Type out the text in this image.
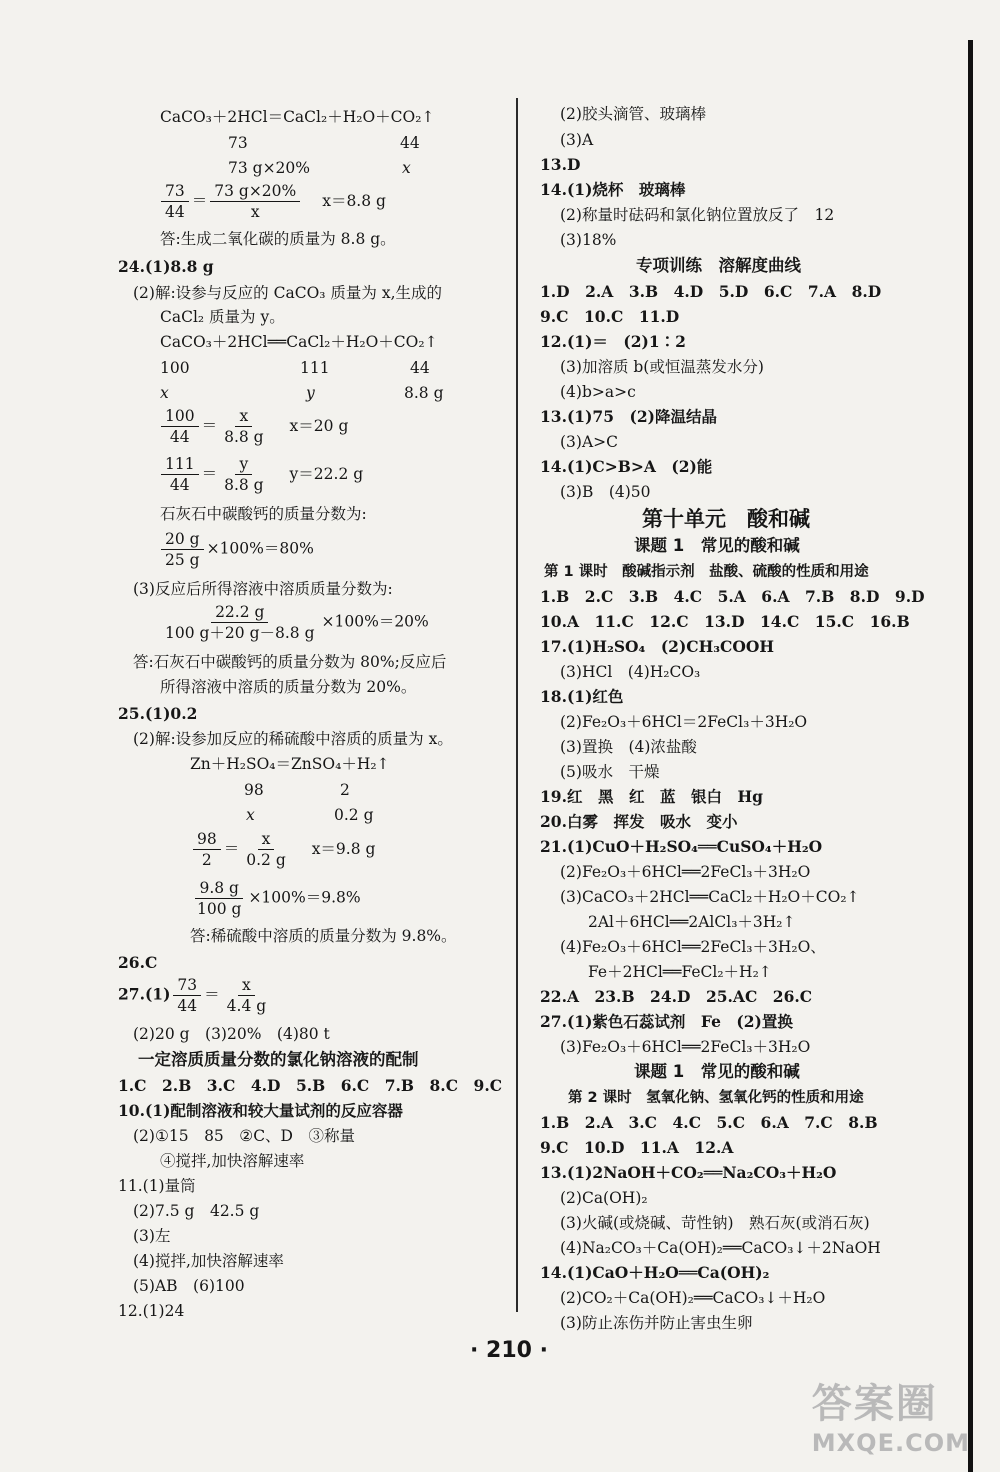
CaCO₃＋2HCl＝CaCl₂＋H₂O＋CO₂↑
73	44
73 g×20%	x
$\frac{73}{44} = \frac{73 g\times 20\%}{x} x=8.8$ g
答:生成二氧化碳的质量为 8.8 g。
24.(1)8.8 g
(2)解:设参与反应的 CaCO₃ 质量为 x,生成的
CaCl₂ 质量为 y。
CaCO₃＋2HCl══CaCl₂＋H₂O＋CO₂↑
100	111	44
x	y	8.8 g
$\frac{100}{44} = \frac{x}{8.8 g} x=20$ g
$\frac{111}{44} = \frac{y}{8.8 g} y=22.2$ g
石灰石中碳酸钙的质量分数为:
$\frac{20 g}{25 g} \times 100\%=80\%$
(3)反应后所得溶液中溶质质量分数为:
$\frac{22.2 g}{100 g+20 g-8.8 g} \times 100\%=20\%$
答:石灰石中碳酸钙的质量分数为 80%;反应后
所得溶液中溶质的质量分数为 20%。
25.(1)0.2
(2)解:设参加反应的稀硫酸中溶质的质量为 x。
Zn＋H₂SO₄＝ZnSO₄＋H₂↑
98	2
x	0.2 g
$\frac{98}{2} = \frac{x}{0.2 g} x=9.8$ g
$\frac{9.8 g}{100 g} \times 100\%=9.8\%$
答:稀硫酸中溶质的质量分数为 9.8%。
26.C
$27.(1) \frac{73}{44} = \frac{x}{4.4 g}$
(2)20 g　(3)20%　(4)80 t
一定溶质质量分数的氯化钠溶液的配制
1.C　2.B　3.C　4.D　5.B　6.C　7.B　8.C　9.C
10.(1)配制溶液和较大量试剂的反应容器
(2)①15　85　②C、D　③称量
④搅拌,加快溶解速率
11.(1)量筒
(2)7.5 g　42.5 g
(3)左
(4)搅拌,加快溶解速率
(5)AB　(6)100
12.(1)24
(2)胶头滴管、玻璃棒
(3)A
13.D
14.(1)烧杯　玻璃棒
(2)称量时砝码和氯化钠位置放反了　12
(3)18%
专项训练　溶解度曲线
1.D　2.A　3.B　4.D　5.D　6.C　7.A　8.D
9.C　10.C　11.D
12.(1)＝　(2)1∶2
(3)加溶质 b(或恒温蒸发水分)
(4)b>a>c
13.(1)75　(2)降温结晶
(3)A>C
14.(1)C>B>A　(2)能
(3)B　(4)50
第十单元　酸和碱
课题 1　常见的酸和碱
第 1 课时　酸碱指示剂　盐酸、硫酸的性质和用途
1.B　2.C　3.B　4.C　5.A　6.A　7.B　8.D　9.D
10.A　11.C　12.C　13.D　14.C　15.C　16.B
17.(1)H₂SO₄　(2)CH₃COOH
(3)HCl　(4)H₂CO₃
18.(1)红色
(2)Fe₂O₃＋6HCl＝2FeCl₃＋3H₂O
(3)置换　(4)浓盐酸
(5)吸水　干燥
19.红　黑　红　蓝　银白　Hg
20.白雾　挥发　吸水　变小
21.(1)CuO＋H₂SO₄══CuSO₄＋H₂O
(2)Fe₂O₃＋6HCl══2FeCl₃＋3H₂O
(3)CaCO₃＋2HCl══CaCl₂＋H₂O＋CO₂↑
2Al＋6HCl══2AlCl₃＋3H₂↑
(4)Fe₂O₃＋6HCl══2FeCl₃＋3H₂O、
Fe＋2HCl══FeCl₂＋H₂↑
22.A　23.B　24.D　25.AC　26.C
27.(1)紫色石蕊试剂　Fe　(2)置换
(3)Fe₂O₃＋6HCl══2FeCl₃＋3H₂O
课题 1　常见的酸和碱
第 2 课时　氢氧化钠、氢氧化钙的性质和用途
1.B　2.A　3.C　4.C　5.C　6.A　7.C　8.B
9.C　10.D　11.A　12.A
13.(1)2NaOH＋CO₂══Na₂CO₃＋H₂O
(2)Ca(OH)₂
(3)火碱(或烧碱、苛性钠)　熟石灰(或消石灰)
(4)Na₂CO₃＋Ca(OH)₂══CaCO₃↓＋2NaOH
14.(1)CaO＋H₂O══Ca(OH)₂
(2)CO₂＋Ca(OH)₂══CaCO₃↓＋H₂O
(3)防止冻伤并防止害虫生卵
· 210 ·
答案圈
MXQE.COM
